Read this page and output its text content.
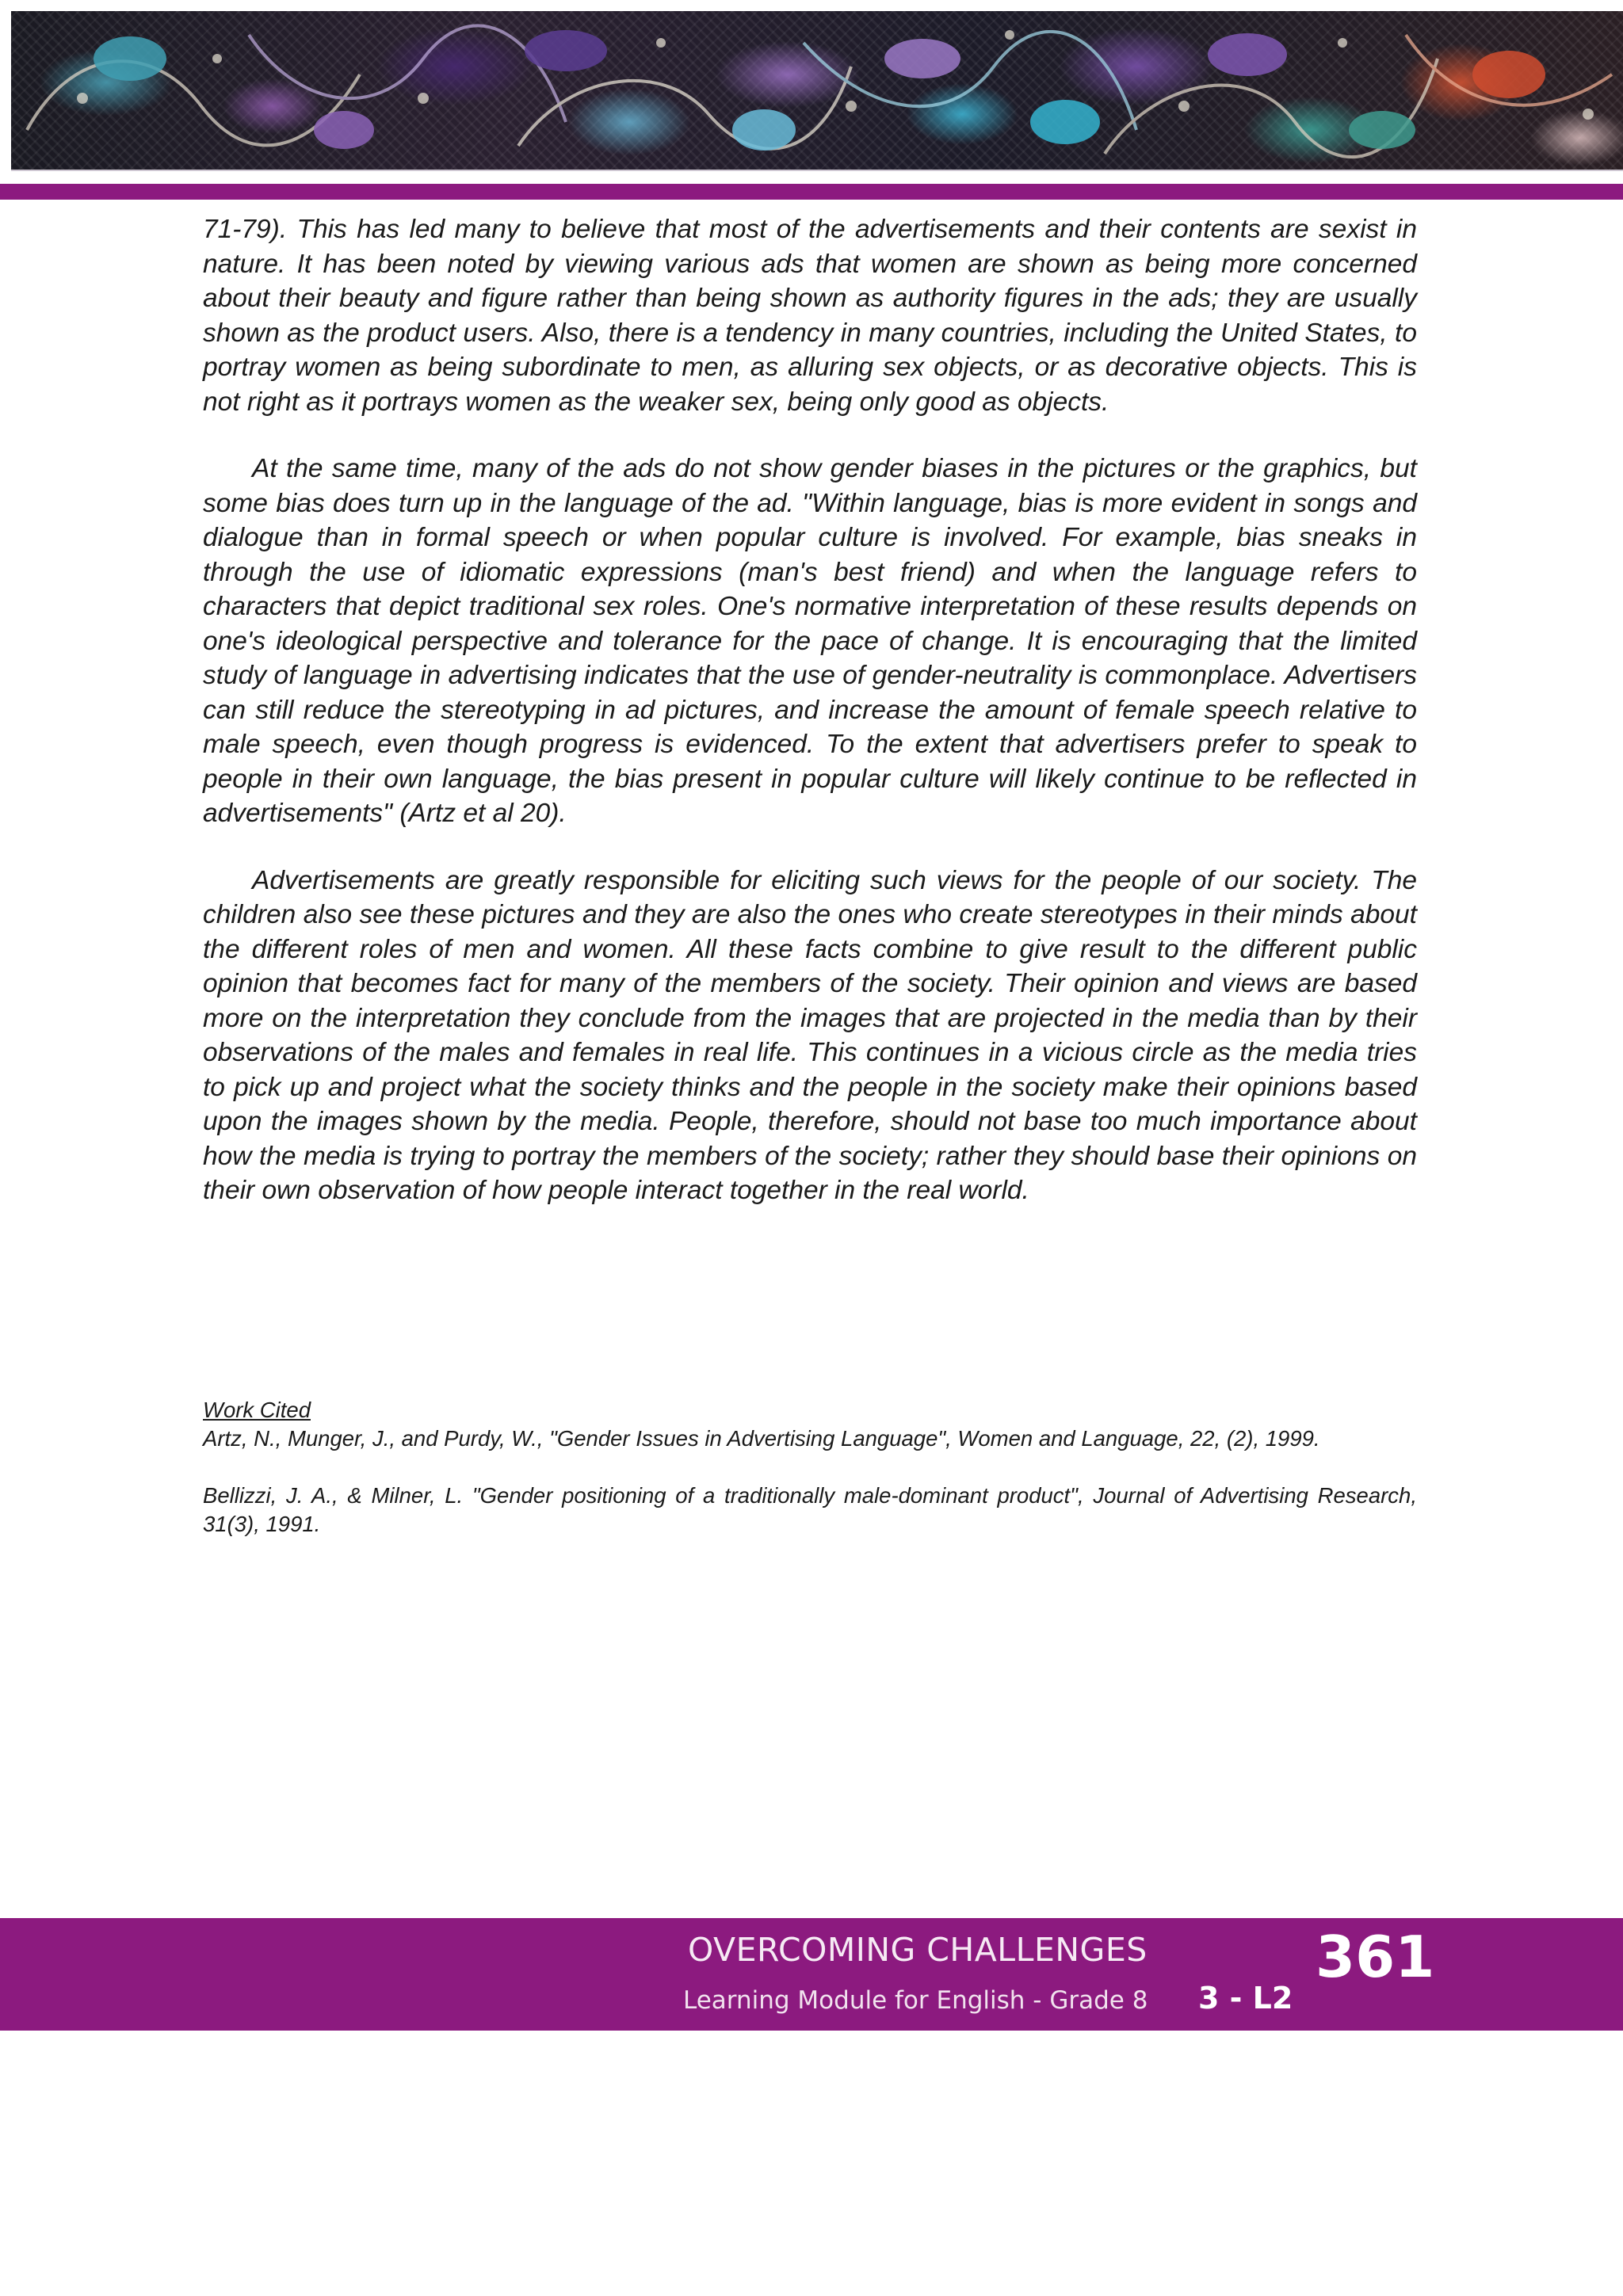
71-79). This has led many to believe that most of the advertisements and their contents are sexist in nature. It has been noted by viewing various ads that women are shown as being more concerned about their beauty and figure rather than being shown as authority figures in the ads; they are usually shown as the product users. Also, there is a tendency in many countries, including the United States, to portray women as being subordinate to men, as alluring sex objects, or as decorative objects. This is not right as it portrays women as the weaker sex, being only good as objects.

At the same time, many of the ads do not show gender biases in the pictures or the graphics, but some bias does turn up in the language of the ad. "Within language, bias is more evident in songs and dialogue than in formal speech or when popular culture is involved. For example, bias sneaks in through the use of idiomatic expressions (man's best friend) and when the language refers to characters that depict traditional sex roles. One's normative interpretation of these results depends on one's ideological perspective and tolerance for the pace of change. It is encouraging that the limited study of language in advertising indicates that the use of gender-neutrality is commonplace. Advertisers can still reduce the stereotyping in ad pictures, and increase the amount of female speech relative to male speech, even though progress is evidenced. To the extent that advertisers prefer to speak to people in their own language, the bias present in popular culture will likely continue to be reflected in advertisements" (Artz et al 20).

Advertisements are greatly responsible for eliciting such views for the people of our society. The children also see these pictures and they are also the ones who create stereotypes in their minds about the different roles of men and women. All these facts combine to give result to the different public opinion that becomes fact for many of the members of the society. Their opinion and views are based more on the interpretation they conclude from the images that are projected in the media than by their observations of the males and females in real life. This continues in a vicious circle as the media tries to pick up and project what the society thinks and the people in the society make their opinions based upon the images shown by the media. People, therefore, should not base too much importance about how the media is trying to portray the members of the society; rather they should base their opinions on their own observation of how people interact together in the real world.

Work Cited
Artz, N., Munger, J., and Purdy, W., "Gender Issues in Advertising Language", Women and Language, 22, (2), 1999.
Bellizzi, J. A., & Milner, L. "Gender positioning of a traditionally male-dominant product", Journal of Advertising Research, 31(3), 1991.
OVERCOMING CHALLENGES
Learning Module for English - Grade 8 3 - L2
361
